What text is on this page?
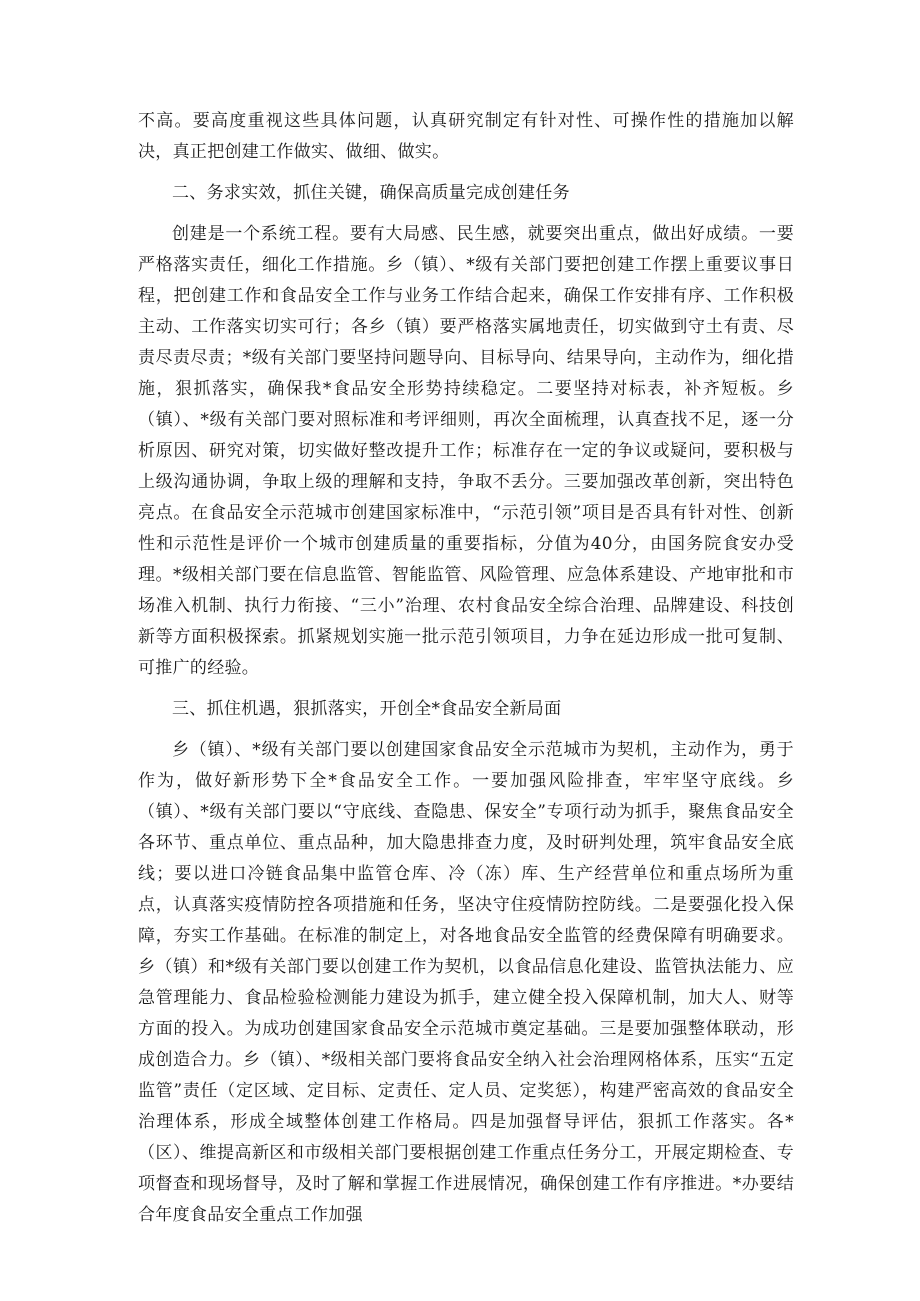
不高。要高度重视这些具体问题，认真研究制定有针对性、可操作性的措施加以解决，真正把创建工作做实、做细、做实。

二、务求实效，抓住关键，确保高质量完成创建任务

创建是一个系统工程。要有大局感、民生感，就要突出重点，做出好成绩。一要严格落实责任，细化工作措施。乡（镇）、*级有关部门要把创建工作摆上重要议事日程，把创建工作和食品安全工作与业务工作结合起来，确保工作安排有序、工作积极主动、工作落实切实可行；各乡（镇）要严格落实属地责任，切实做到守土有责、尽责尽责尽责；*级有关部门要坚持问题导向、目标导向、结果导向，主动作为，细化措施，狠抓落实，确保我*食品安全形势持续稳定。二要坚持对标表，补齐短板。乡（镇）、*级有关部门要对照标准和考评细则，再次全面梳理，认真查找不足，逐一分析原因、研究对策，切实做好整改提升工作；标准存在一定的争议或疑问，要积极与上级沟通协调，争取上级的理解和支持，争取不丢分。三要加强改革创新，突出特色亮点。在食品安全示范城市创建国家标准中，“示范引领”项目是否具有针对性、创新性和示范性是评价一个城市创建质量的重要指标，分值为40分，由国务院食安办受理。*级相关部门要在信息监管、智能监管、风险管理、应急体系建设、产地审批和市场准入机制、执行力衔接、“三小”治理、农村食品安全综合治理、品牌建设、科技创新等方面积极探索。抓紧规划实施一批示范引领项目，力争在延边形成一批可复制、可推广的经验。

三、抓住机遇，狠抓落实，开创全*食品安全新局面

乡（镇）、*级有关部门要以创建国家食品安全示范城市为契机，主动作为，勇于作为，做好新形势下全*食品安全工作。一要加强风险排查，牢牢坚守底线。乡（镇）、*级有关部门要以“守底线、查隐患、保安全”专项行动为抓手，聚焦食品安全各环节、重点单位、重点品种，加大隐患排查力度，及时研判处理，筑牢食品安全底线；要以进口冷链食品集中监管仓库、冷（冻）库、生产经营单位和重点场所为重点，认真落实疫情防控各项措施和任务，坚决守住疫情防控防线。二是要强化投入保障，夯实工作基础。在标准的制定上，对各地食品安全监管的经费保障有明确要求。乡（镇）和*级有关部门要以创建工作为契机，以食品信息化建设、监管执法能力、应急管理能力、食品检验检测能力建设为抓手，建立健全投入保障机制，加大人、财等方面的投入。为成功创建国家食品安全示范城市奠定基础。三是要加强整体联动，形成创造合力。乡（镇）、*级相关部门要将食品安全纳入社会治理网格体系，压实“五定监管”责任（定区域、定目标、定责任、定人员、定奖惩），构建严密高效的食品安全治理体系，形成全域整体创建工作格局。四是加强督导评估，狠抓工作落实。各*（区）、维提高新区和市级相关部门要根据创建工作重点任务分工，开展定期检查、专项督查和现场督导，及时了解和掌握工作进展情况，确保创建工作有序推进。*办要结合年度食品安全重点工作加强
